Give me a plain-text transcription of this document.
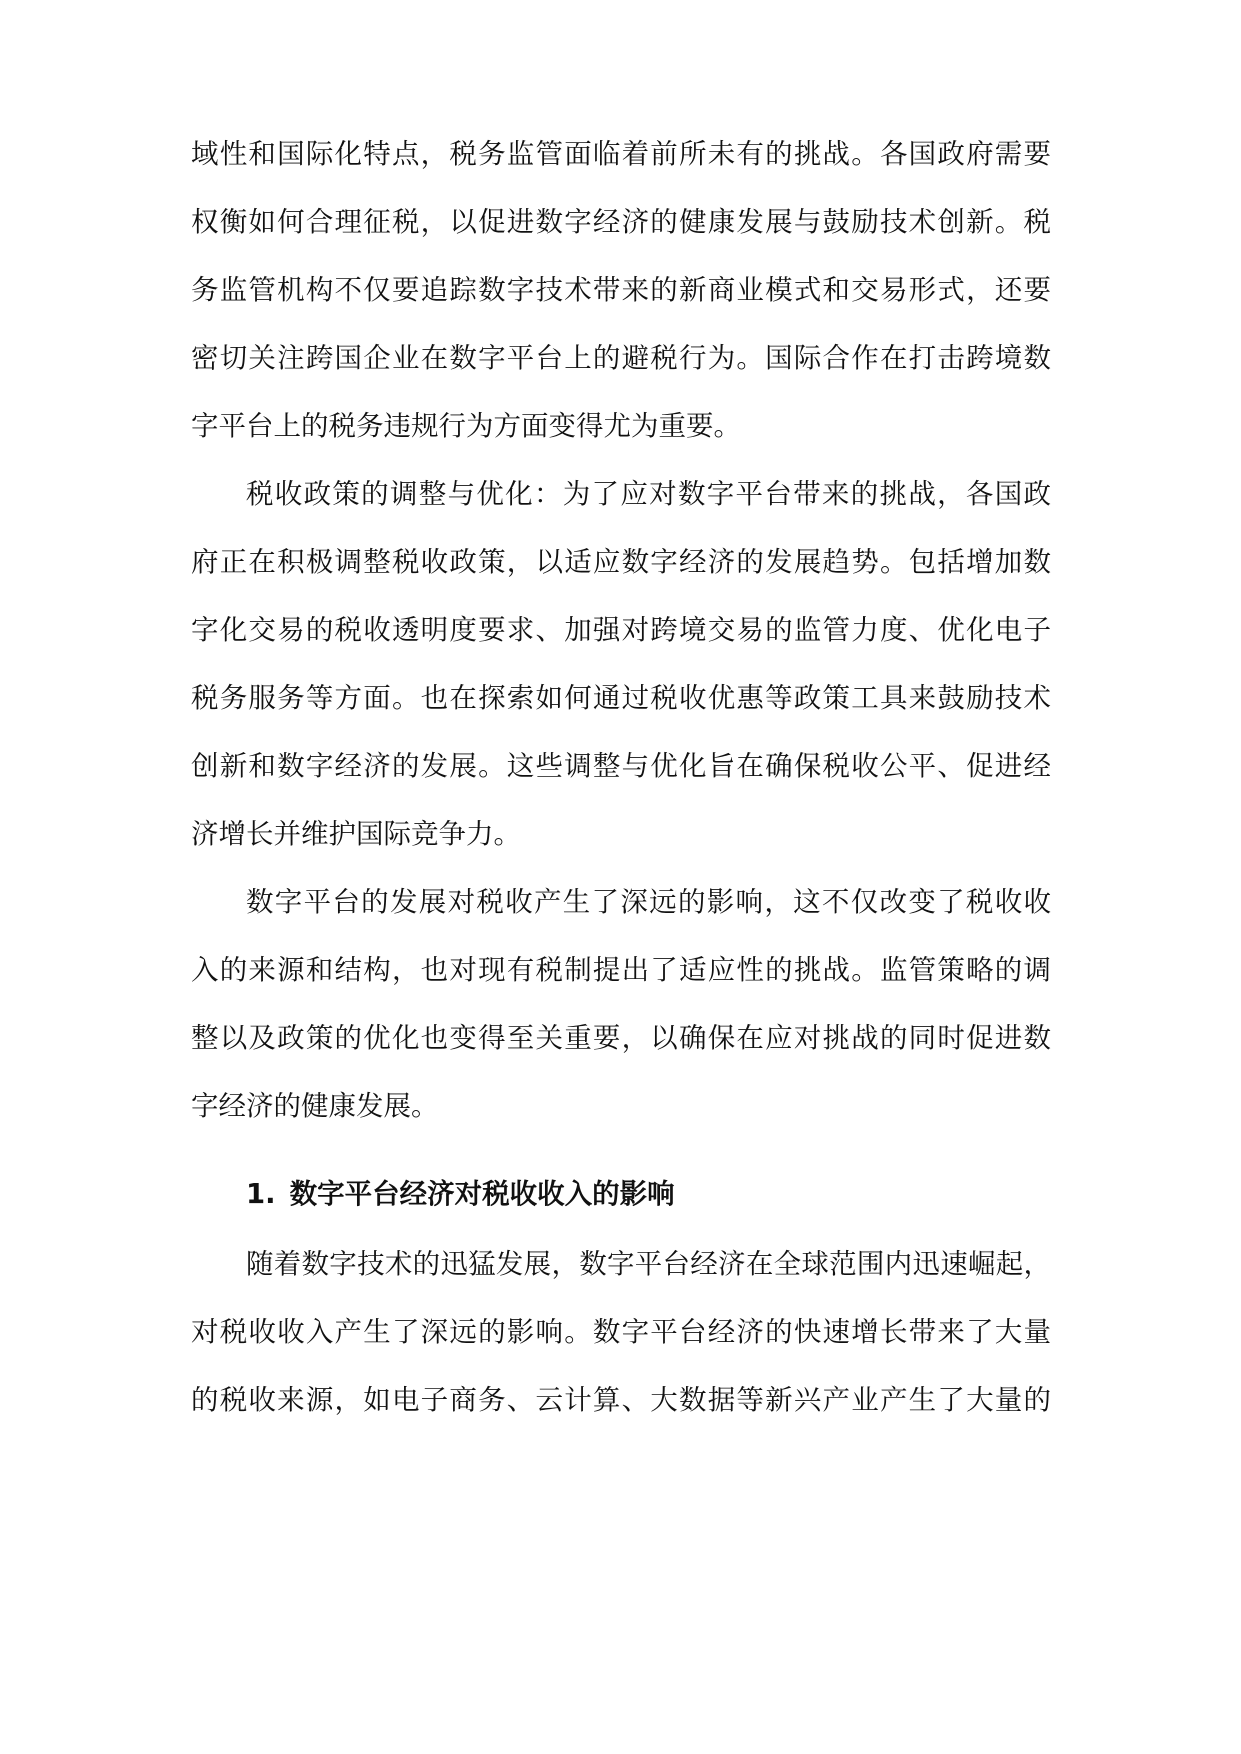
域性和国际化特点，税务监管面临着前所未有的挑战。各国政府需要
权衡如何合理征税，以促进数字经济的健康发展与鼓励技术创新。税
务监管机构不仅要追踪数字技术带来的新商业模式和交易形式，还要
密切关注跨国企业在数字平台上的避税行为。国际合作在打击跨境数
字平台上的税务违规行为方面变得尤为重要。
税收政策的调整与优化：为了应对数字平台带来的挑战，各国政
府正在积极调整税收政策，以适应数字经济的发展趋势。包括增加数
字化交易的税收透明度要求、加强对跨境交易的监管力度、优化电子
税务服务等方面。也在探索如何通过税收优惠等政策工具来鼓励技术
创新和数字经济的发展。这些调整与优化旨在确保税收公平、促进经
济增长并维护国际竞争力。
数字平台的发展对税收产生了深远的影响，这不仅改变了税收收
入的来源和结构，也对现有税制提出了适应性的挑战。监管策略的调
整以及政策的优化也变得至关重要，以确保在应对挑战的同时促进数
字经济的健康发展。
1. 数字平台经济对税收收入的影响
随着数字技术的迅猛发展，数字平台经济在全球范围内迅速崛起，
对税收收入产生了深远的影响。数字平台经济的快速增长带来了大量
的税收来源，如电子商务、云计算、大数据等新兴产业产生了大量的
